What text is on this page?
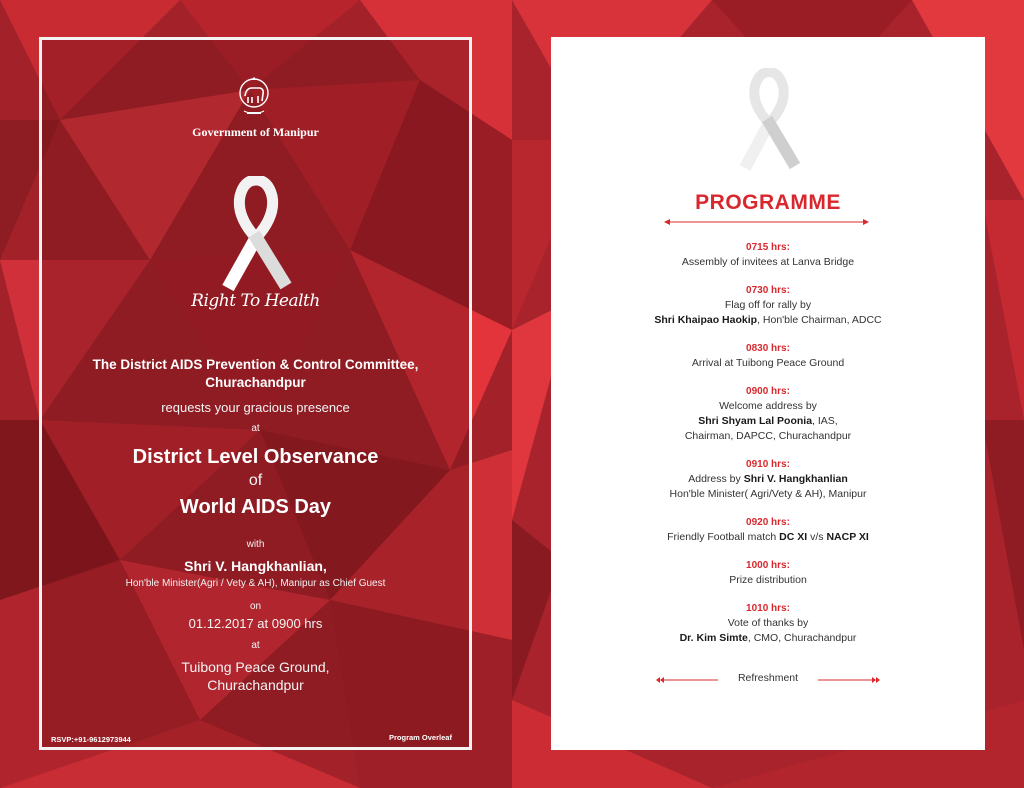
Government of Manipur
Right To Health
The District AIDS Prevention & Control Committee,
Churachandpur
requests your gracious presence
at
District Level Observance
of
World AIDS Day
with
Shri V. Hangkhanlian,
Hon'ble Minister(Agri / Vety & AH), Manipur as Chief Guest
on
01.12.2017 at 0900 hrs
at
Tuibong Peace Ground,
Churachandpur
RSVP:+91-9612973944	Program Overleaf
PROGRAMME
0715 hrs:
Assembly of invitees at Lanva Bridge
0730 hrs:
Flag off for rally by
Shri Khaipao Haokip, Hon'ble Chairman, ADCC
0830 hrs:
Arrival at Tuibong Peace Ground
0900 hrs:
Welcome address by
Shri Shyam Lal Poonia, IAS,
Chairman, DAPCC, Churachandpur
0910 hrs:
Address by Shri V. Hangkhanlian
Hon'ble Minister( Agri/Vety & AH), Manipur
0920 hrs:
Friendly Football match DC XI v/s NACP XI
1000 hrs:
Prize distribution
1010 hrs:
Vote of thanks by
Dr. Kim Simte, CMO, Churachandpur
Refreshment
